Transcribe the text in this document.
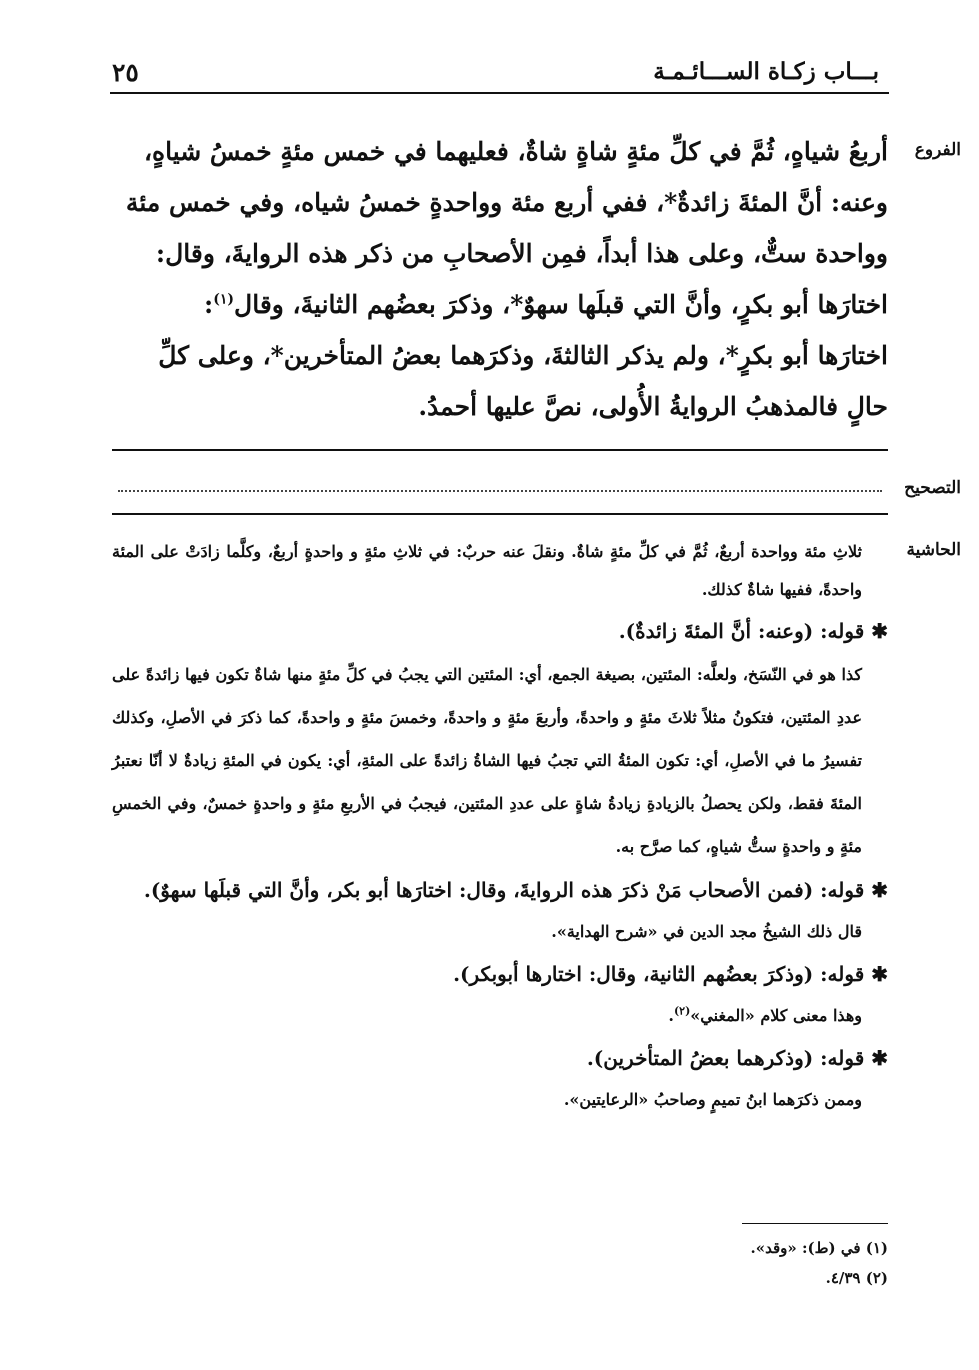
بـــاب زكـاة الســـائـمـة
٢٥
الفروع

أربعُ شياهٍ، ثُمَّ في كلِّ مئةٍ شاةٍ شاةٌ، فعليهما في خمس مئةٍ خمسُ شياهٍ،

وعنه: أنَّ المئةَ زائدةٌ*، ففي أربع مئة وواحدةٍ خمسُ شياه، وفي خمس مئة

وواحدة ستٌّ، وعلى هذا أبداً، فمِن الأصحابِ من ذكر هذه الروايةَ، وقال:

اختارَها أبو بكرٍ، وأنَّ التي قبلَها سهوٌ*، وذكرَ بعضُهم الثانيةَ، وقال$^{(١)}$:

اختارَها أبو بكرٍ*، ولم يذكر الثالثةَ، وذكرَهما بعضُ المتأخرين*، وعلى كلِّ

حالٍ فالمذهبُ الروايةُ الأُولى، نصَّ عليها أحمدُ.

التصحيح
الحاشية

ثلاثِ مئة وواحدة أربعٌ، ثُمَّ في كلِّ مئةٍ شاةٌ. ونقلَ عنه حربٌ: في ثلاثِ مئةٍ و واحدةٍ أربعٌ، وكلَّما زادَتْ على المئة واحدةً، ففيها شاةٌ كذلك.

✱ قوله: (وعنه: أنَّ المئةَ زائدةٌ).

كذا هو في النّسَخ، ولعلَّه: المئتين، بصيغة الجمع، أي: المئتين التي يجبُ في كلِّ مئةٍ منها شاةٌ تكون فيها زائدةً على عددِ المئتين، فتكونُ مثلاً ثلاثَ مئةٍ و واحدةً، وأربعَ مئةٍ و واحدةً، وخمسَ مئةٍ و واحدةً، كما ذكرَ في الأصلِ، وكذلك تفسيرُ ما في الأصلِ، أي: تكون المئةُ التي تجبُ فيها الشاةُ زائدةً على المئةِ، أي: يكون في المئةِ زيادةٌ لا أنّا نعتبرُ المئةَ فقط، ولكن يحصلُ بالزيادةِ زيادةُ شاةٍ على عددِ المئتين، فيجبُ في الأربعِ مئةٍ و واحدةٍ خمسٌ، وفي الخمسِ مئةٍ و واحدةٍ ستُّ شياهٍ، كما صرَّح به.

✱ قوله: (فمن الأصحاب مَنْ ذكرَ هذه الروايةَ، وقال: اختارَها أبو بكر، وأنَّ التي قبلَها سهوٌ).

قال ذلك الشيخُ مجد الدين في «شرح الهداية».

✱ قوله: (وذكرَ بعضُهم الثانية، وقال: اختارها أبوبكر).

وهذا معنى كلام «المغني»$^{(٢)}$.

✱ قوله: (وذكرهما بعضُ المتأخرين).

وممن ذكرَهما ابنُ تميمٍ وصاحبُ «الرعايتين».

(١) في (ط): «وقد».

(٢) ٤/٣٩.
